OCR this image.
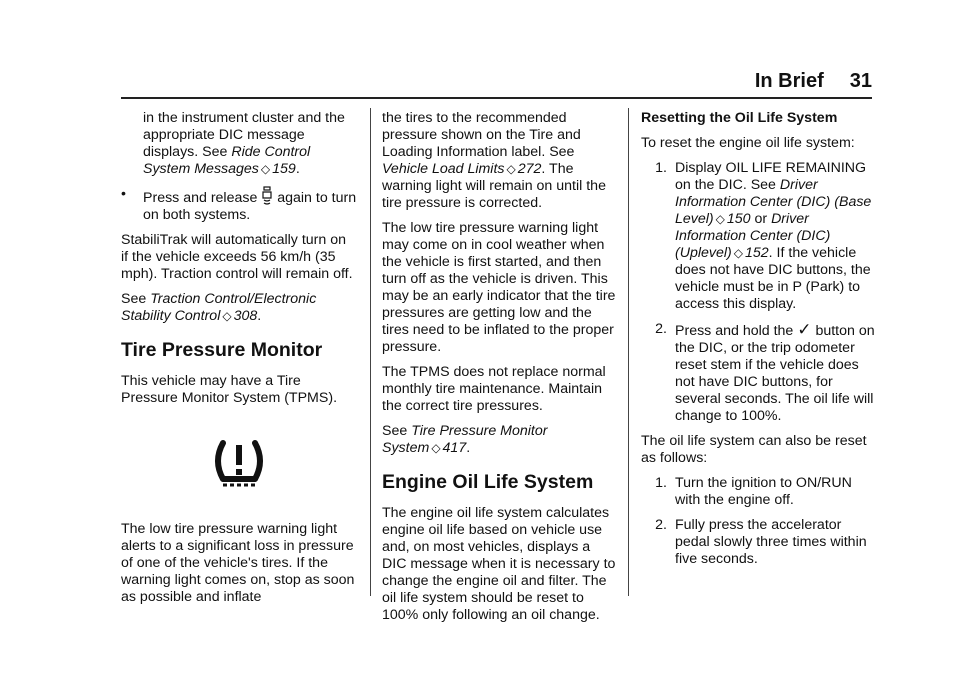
In Brief 31

in the instrument cluster and the appropriate DIC message displays. See Ride Control System Messages ◇ 159.

•	Press and release  again to turn on both systems.

StabiliTrak will automatically turn on if the vehicle exceeds 56 km/h (35 mph). Traction control will remain off.

See Traction Control/Electronic Stability Control ◇ 308.

Tire Pressure Monitor

This vehicle may have a Tire Pressure Monitor System (TPMS).

The low tire pressure warning light alerts to a significant loss in pressure of one of the vehicle's tires. If the warning light comes on, stop as soon as possible and inflate

the tires to the recommended pressure shown on the Tire and Loading Information label. See Vehicle Load Limits ◇ 272. The warning light will remain on until the tire pressure is corrected.

The low tire pressure warning light may come on in cool weather when the vehicle is first started, and then turn off as the vehicle is driven. This may be an early indicator that the tire pressures are getting low and the tires need to be inflated to the proper pressure.

The TPMS does not replace normal monthly tire maintenance. Maintain the correct tire pressures.

See Tire Pressure Monitor System ◇ 417.

Engine Oil Life System

The engine oil life system calculates engine oil life based on vehicle use and, on most vehicles, displays a DIC message when it is necessary to change the engine oil and filter. The oil life system should be reset to 100% only following an oil change.

Resetting the Oil Life System

To reset the engine oil life system:

1. Display OIL LIFE REMAINING on the DIC. See Driver Information Center (DIC) (Base Level) ◇ 150 or Driver Information Center (DIC) (Uplevel) ◇ 152. If the vehicle does not have DIC buttons, the vehicle must be in P (Park) to access this display.
2. Press and hold the ✓ button on the DIC, or the trip odometer reset stem if the vehicle does not have DIC buttons, for several seconds. The oil life will change to 100%.

The oil life system can also be reset as follows:

1. Turn the ignition to ON/RUN with the engine off.
2. Fully press the accelerator pedal slowly three times within five seconds.
